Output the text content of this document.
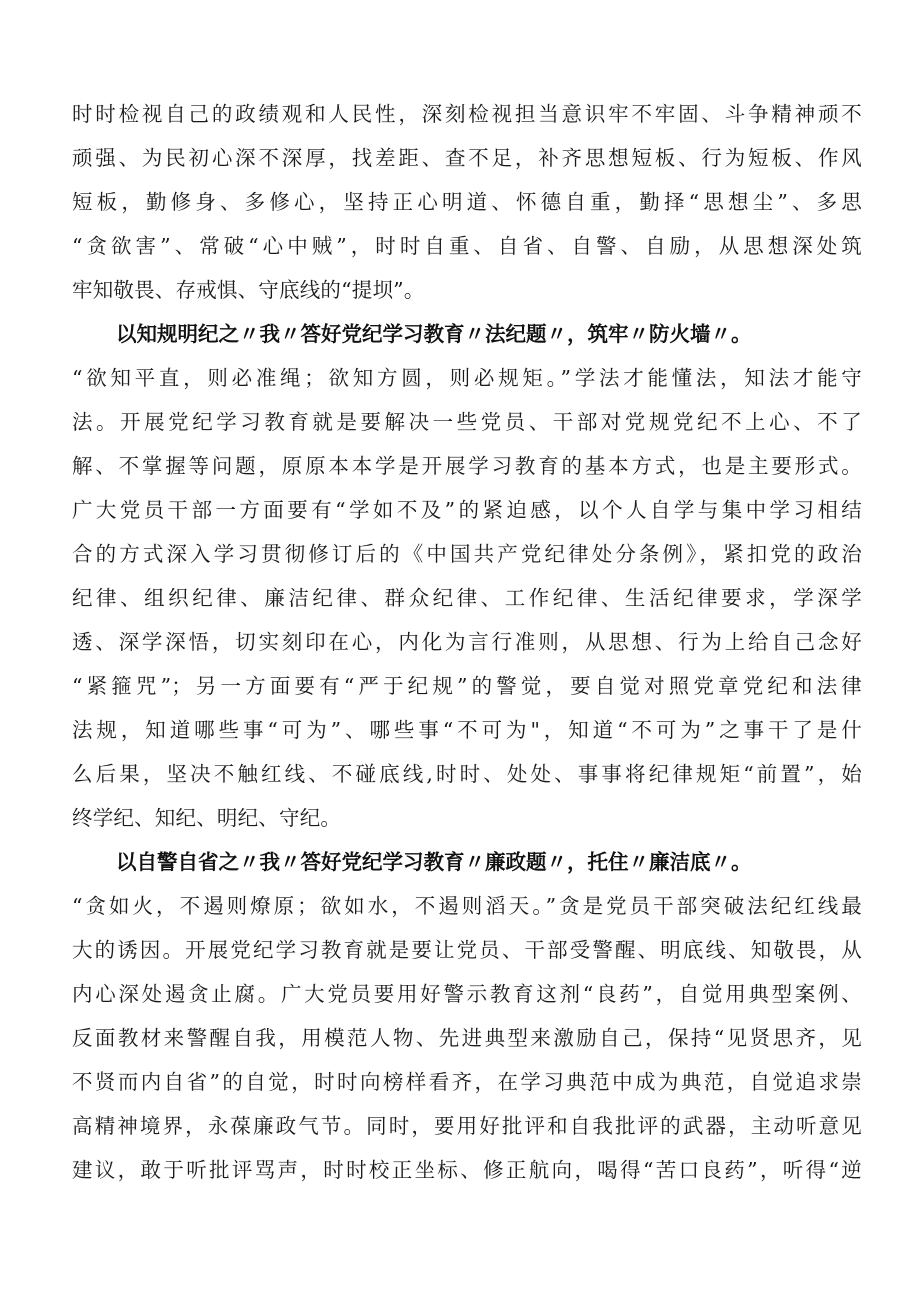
时时检视自己的政绩观和人民性，深刻检视担当意识牢不牢固、斗争精神顽不
顽强、为民初心深不深厚，找差距、查不足，补齐思想短板、行为短板、作风
短板，勤修身、多修心，坚持正心明道、怀德自重，勤择“思想尘”、多思
“贪欲害”、常破“心中贼”，时时自重、自省、自警、自励，从思想深处筑
牢知敬畏、存戒惧、守底线的“提坝”。
以知规明纪之〃我〃答好党纪学习教育〃法纪题〃，筑牢〃防火墙〃。
“欲知平直，则必准绳；欲知方圆，则必规矩。”学法才能懂法，知法才能守
法。开展党纪学习教育就是要解决一些党员、干部对党规党纪不上心、不了
解、不掌握等问题，原原本本学是开展学习教育的基本方式，也是主要形式。
广大党员干部一方面要有“学如不及”的紧迫感，以个人自学与集中学习相结
合的方式深入学习贯彻修订后的《中国共产党纪律处分条例》，紧扣党的政治
纪律、组织纪律、廉洁纪律、群众纪律、工作纪律、生活纪律要求，学深学
透、深学深悟，切实刻印在心，内化为言行准则，从思想、行为上给自己念好
“紧箍咒”；另一方面要有“严于纪规”的警觉，要自觉对照党章党纪和法律
法规，知道哪些事“可为”、哪些事“不可为"，知道“不可为”之事干了是什
么后果，坚决不触红线、不碰底线,时时、处处、事事将纪律规矩“前置”，始
终学纪、知纪、明纪、守纪。
以自警自省之〃我〃答好党纪学习教育〃廉政题〃，托住〃廉洁底〃。
“贪如火，不遏则燎原；欲如水，不遏则滔天。”贪是党员干部突破法纪红线最
大的诱因。开展党纪学习教育就是要让党员、干部受警醒、明底线、知敬畏，从
内心深处遏贪止腐。广大党员要用好警示教育这剂“良药”，自觉用典型案例、
反面教材来警醒自我，用模范人物、先进典型来激励自己，保持“见贤思齐，见
不贤而内自省”的自觉，时时向榜样看齐，在学习典范中成为典范，自觉追求崇
高精神境界，永葆廉政气节。同时，要用好批评和自我批评的武器，主动听意见
建议，敢于听批评骂声，时时校正坐标、修正航向，喝得“苦口良药”，听得“逆
